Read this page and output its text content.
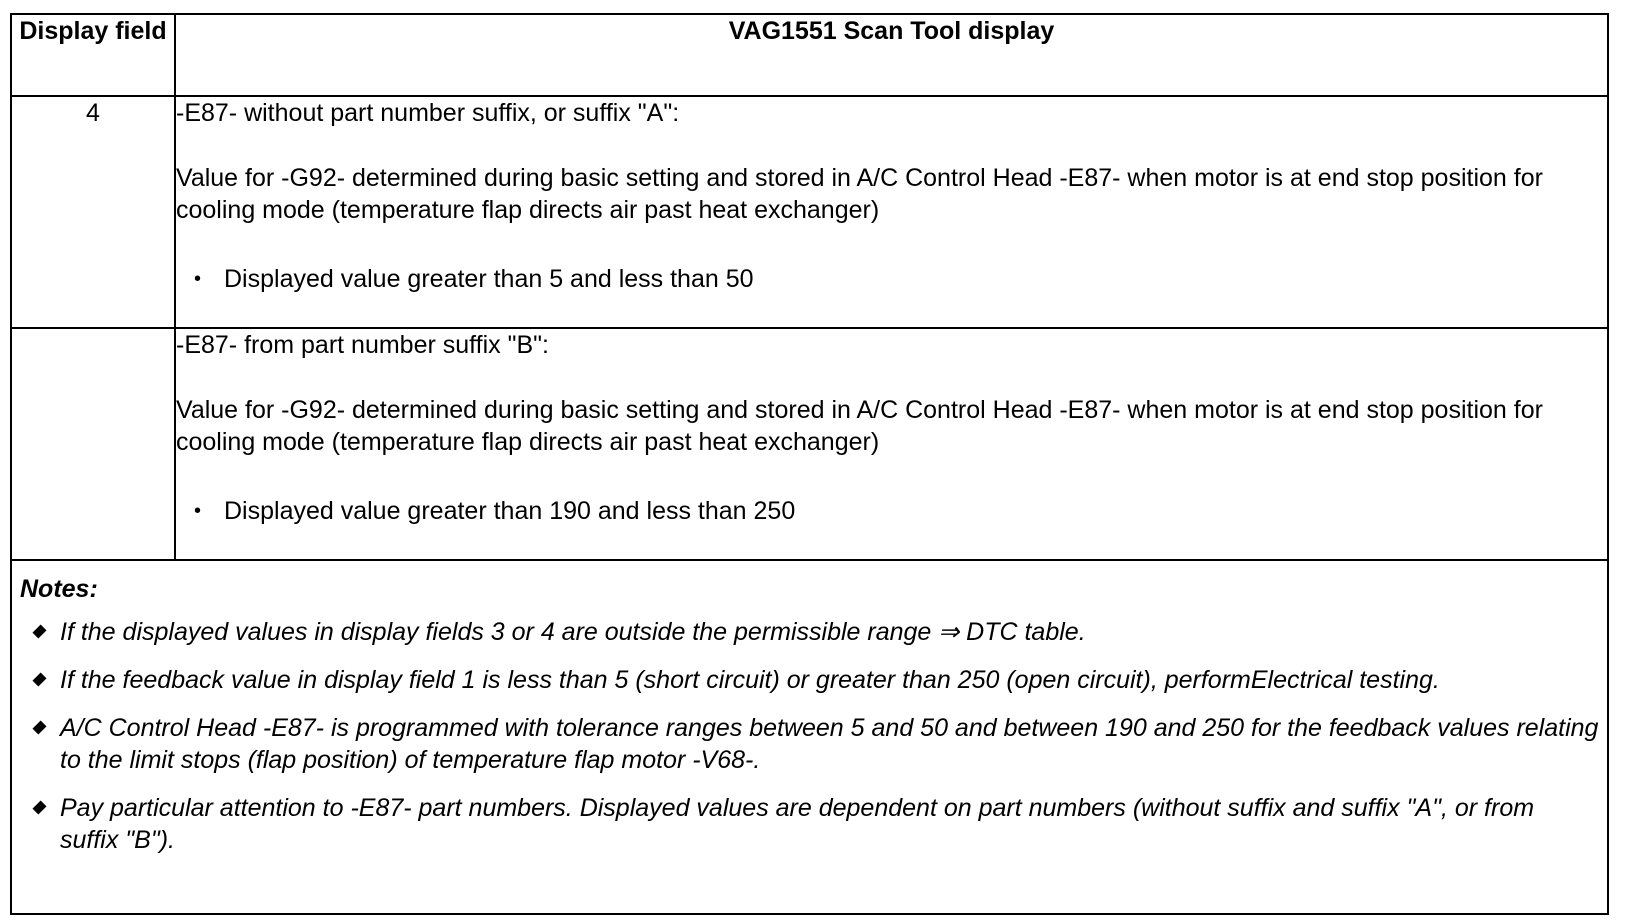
Display field	VAG1551 Scan Tool display
4	-E87- without part number suffix, or suffix "A":

Value for -G92- determined during basic setting and stored in A/C Control Head -E87- when motor is at end stop position for cooling mode (temperature flap directs air past heat exchanger)

• Displayed value greater than 5 and less than 50

	-E87- from part number suffix "B":

Value for -G92- determined during basic setting and stored in A/C Control Head -E87- when motor is at end stop position for cooling mode (temperature flap directs air past heat exchanger)

• Displayed value greater than 190 and less than 250

Notes:

If the displayed values in display fields 3 or 4 are outside the permissible range ⇒ DTC table.
If the feedback value in display field 1 is less than 5 (short circuit) or greater than 250 (open circuit), performElectrical testing.
A/C Control Head -E87- is programmed with tolerance ranges between 5 and 50 and between 190 and 250 for the feedback values relating to the limit stops (flap position) of temperature flap motor -V68-.
Pay particular attention to -E87- part numbers. Displayed values are dependent on part numbers (without suffix and suffix "A", or from suffix "B").
